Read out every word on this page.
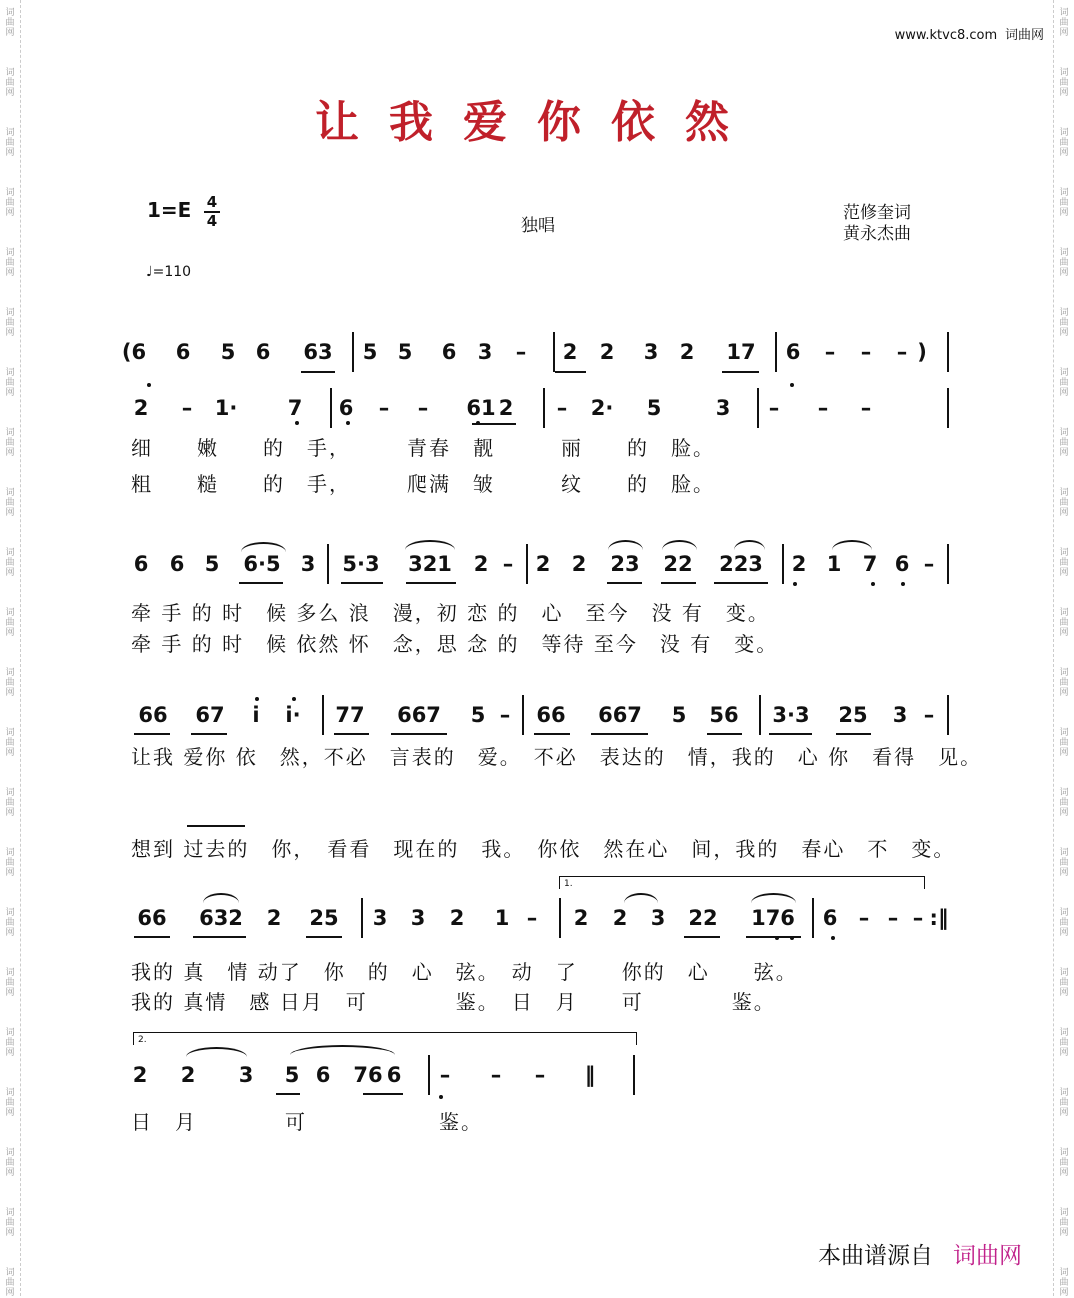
词
曲
网
词
曲
网
词
曲
网
词
曲
网
词
曲
网
词
曲
网
词
曲
网
词
曲
网
词
曲
网
词
曲
网
词
曲
网
词
曲
网
词
曲
网
词
曲
网
词
曲
网
词
曲
网
词
曲
网
词
曲
网
词
曲
网
词
曲
网
词
曲
网
词
曲
网
词
曲
网
词
曲
网
词
曲
网
词
曲
网
词
曲
网
词
曲
网
词
曲
网
词
曲
网
词
曲
网
词
曲
网
词
曲
网
词
曲
网
词
曲
网
词
曲
网
词
曲
网
词
曲
网
词
曲
网
词
曲
网
词
曲
网
词
曲
网
词
曲
网
词
曲
网
www.ktvc8.com 词曲网
让我爱你依然
1=E 4
4
♩=110
独唱
范修奎词
黄永杰曲
(6 6 5 6 63 5 5 6 3 – 2 2 3 2 17 6 – – – )
2 – 1· 7 6 – – 61 2 – 2· 5	3 – – –
6 6 5 6·5 3 5·3 321 2 – 2 2 23 22 223 2 1 7 6 –
66 67 i i· 77 667 5 – 66 667 5 56 3·3 25 3 –
66 632 2 25 3 3 2 1 – 2 2 3 22 176 6 – – – :‖
2 2 3 5 6 76 6 – – – ‖
细　　嫩　　的　手，　　　青春　靓　　　丽　　的　脸。
粗　　糙　　的　手，　　　爬满　皱　　　纹　　的　脸。
牵 手 的 时　候 多么 浪　漫，初 恋 的　心　至今　没 有　变。
牵 手 的 时　候 依然 怀　念，思 念 的　等待 至今　没 有　变。
让我 爱你 依　然，不必　言表的　爱。　不必　表达的　情，我的　心 你　看得　见。
想到 过去的　你，　看看　现在的　我。　你依　然在心　间，我的　春心　不　变。
我的 真　情 动了　你　的　心　弦。　动　了　　你的　心　　弦。
我的 真情　感 日月　可　　　　鉴。　日　月　　可　　　　鉴。
日　月　　　　可　　　　　　鉴。
1.
2.
本曲谱源自 词曲网
